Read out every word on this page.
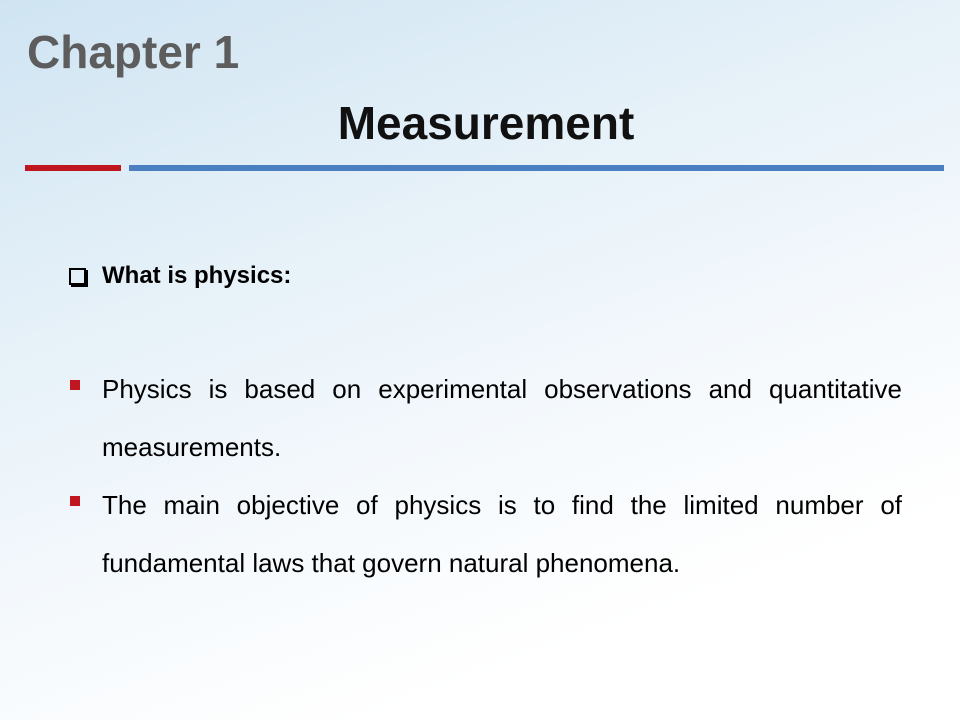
Chapter 1
Measurement
What is physics:
Physics is based on experimental observations and quantitative measurements.
The main objective of physics is to find the limited number of fundamental laws that govern natural phenomena.
